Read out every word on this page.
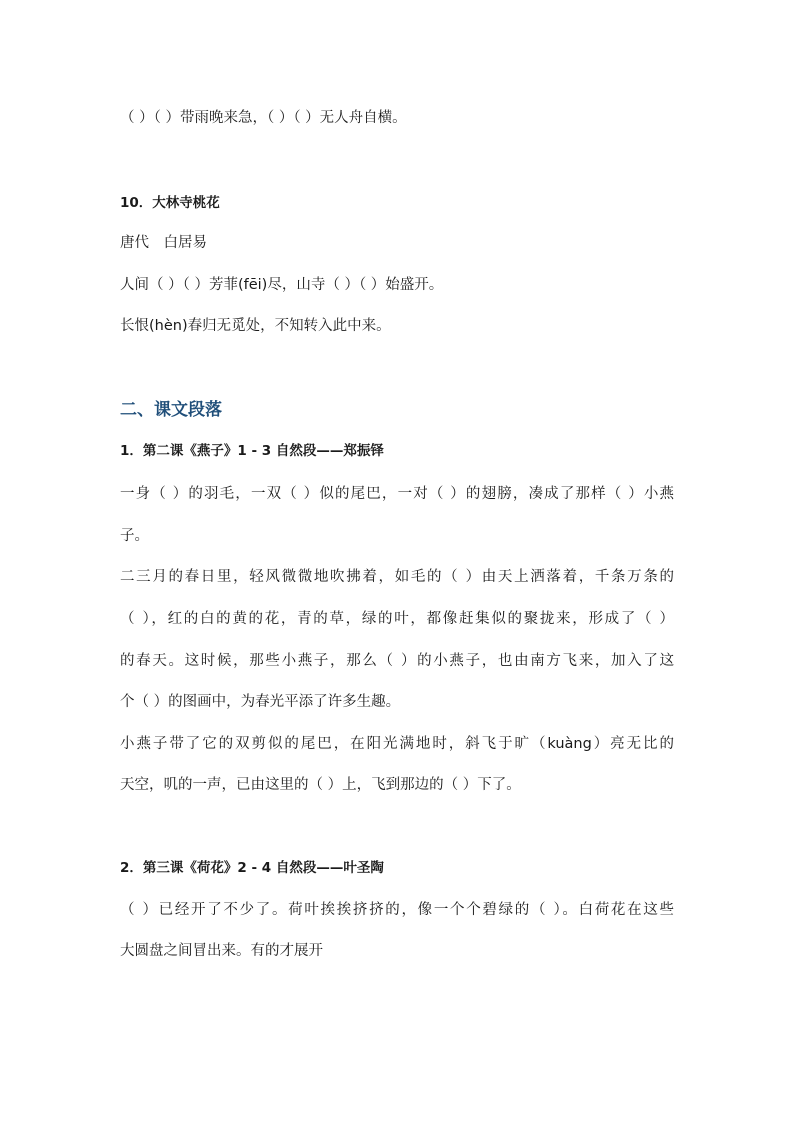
（ ）（ ）带雨晚来急，（ ）（ ）无人舟自横。
10．大林寺桃花
唐代　白居易
人间（ ）（ ）芳菲(fēi)尽，山寺（ ）（ ）始盛开。
长恨(hèn)春归无觅处，不知转入此中来。
二、课文段落
1．第二课《燕子》1 - 3 自然段——郑振铎
一身（ ）的羽毛，一双（ ）似的尾巴，一对（ ）的翅膀，凑成了那样（ ）小燕
子。
二三月的春日里，轻风微微地吹拂着，如毛的（ ）由天上洒落着，千条万条的
（ ），红的白的黄的花，青的草，绿的叶，都像赶集似的聚拢来，形成了（ ）
的春天。这时候，那些小燕子，那么（ ）的小燕子，也由南方飞来，加入了这
个（ ）的图画中，为春光平添了许多生趣。
小燕子带了它的双剪似的尾巴，在阳光满地时，斜飞于旷（kuàng）亮无比的
天空，叽的一声，已由这里的（ ）上，飞到那边的（ ）下了。
2．第三课《荷花》2 - 4 自然段——叶圣陶
（ ）已经开了不少了。荷叶挨挨挤挤的，像一个个碧绿的（ ）。白荷花在这些
大圆盘之间冒出来。有的才展开
